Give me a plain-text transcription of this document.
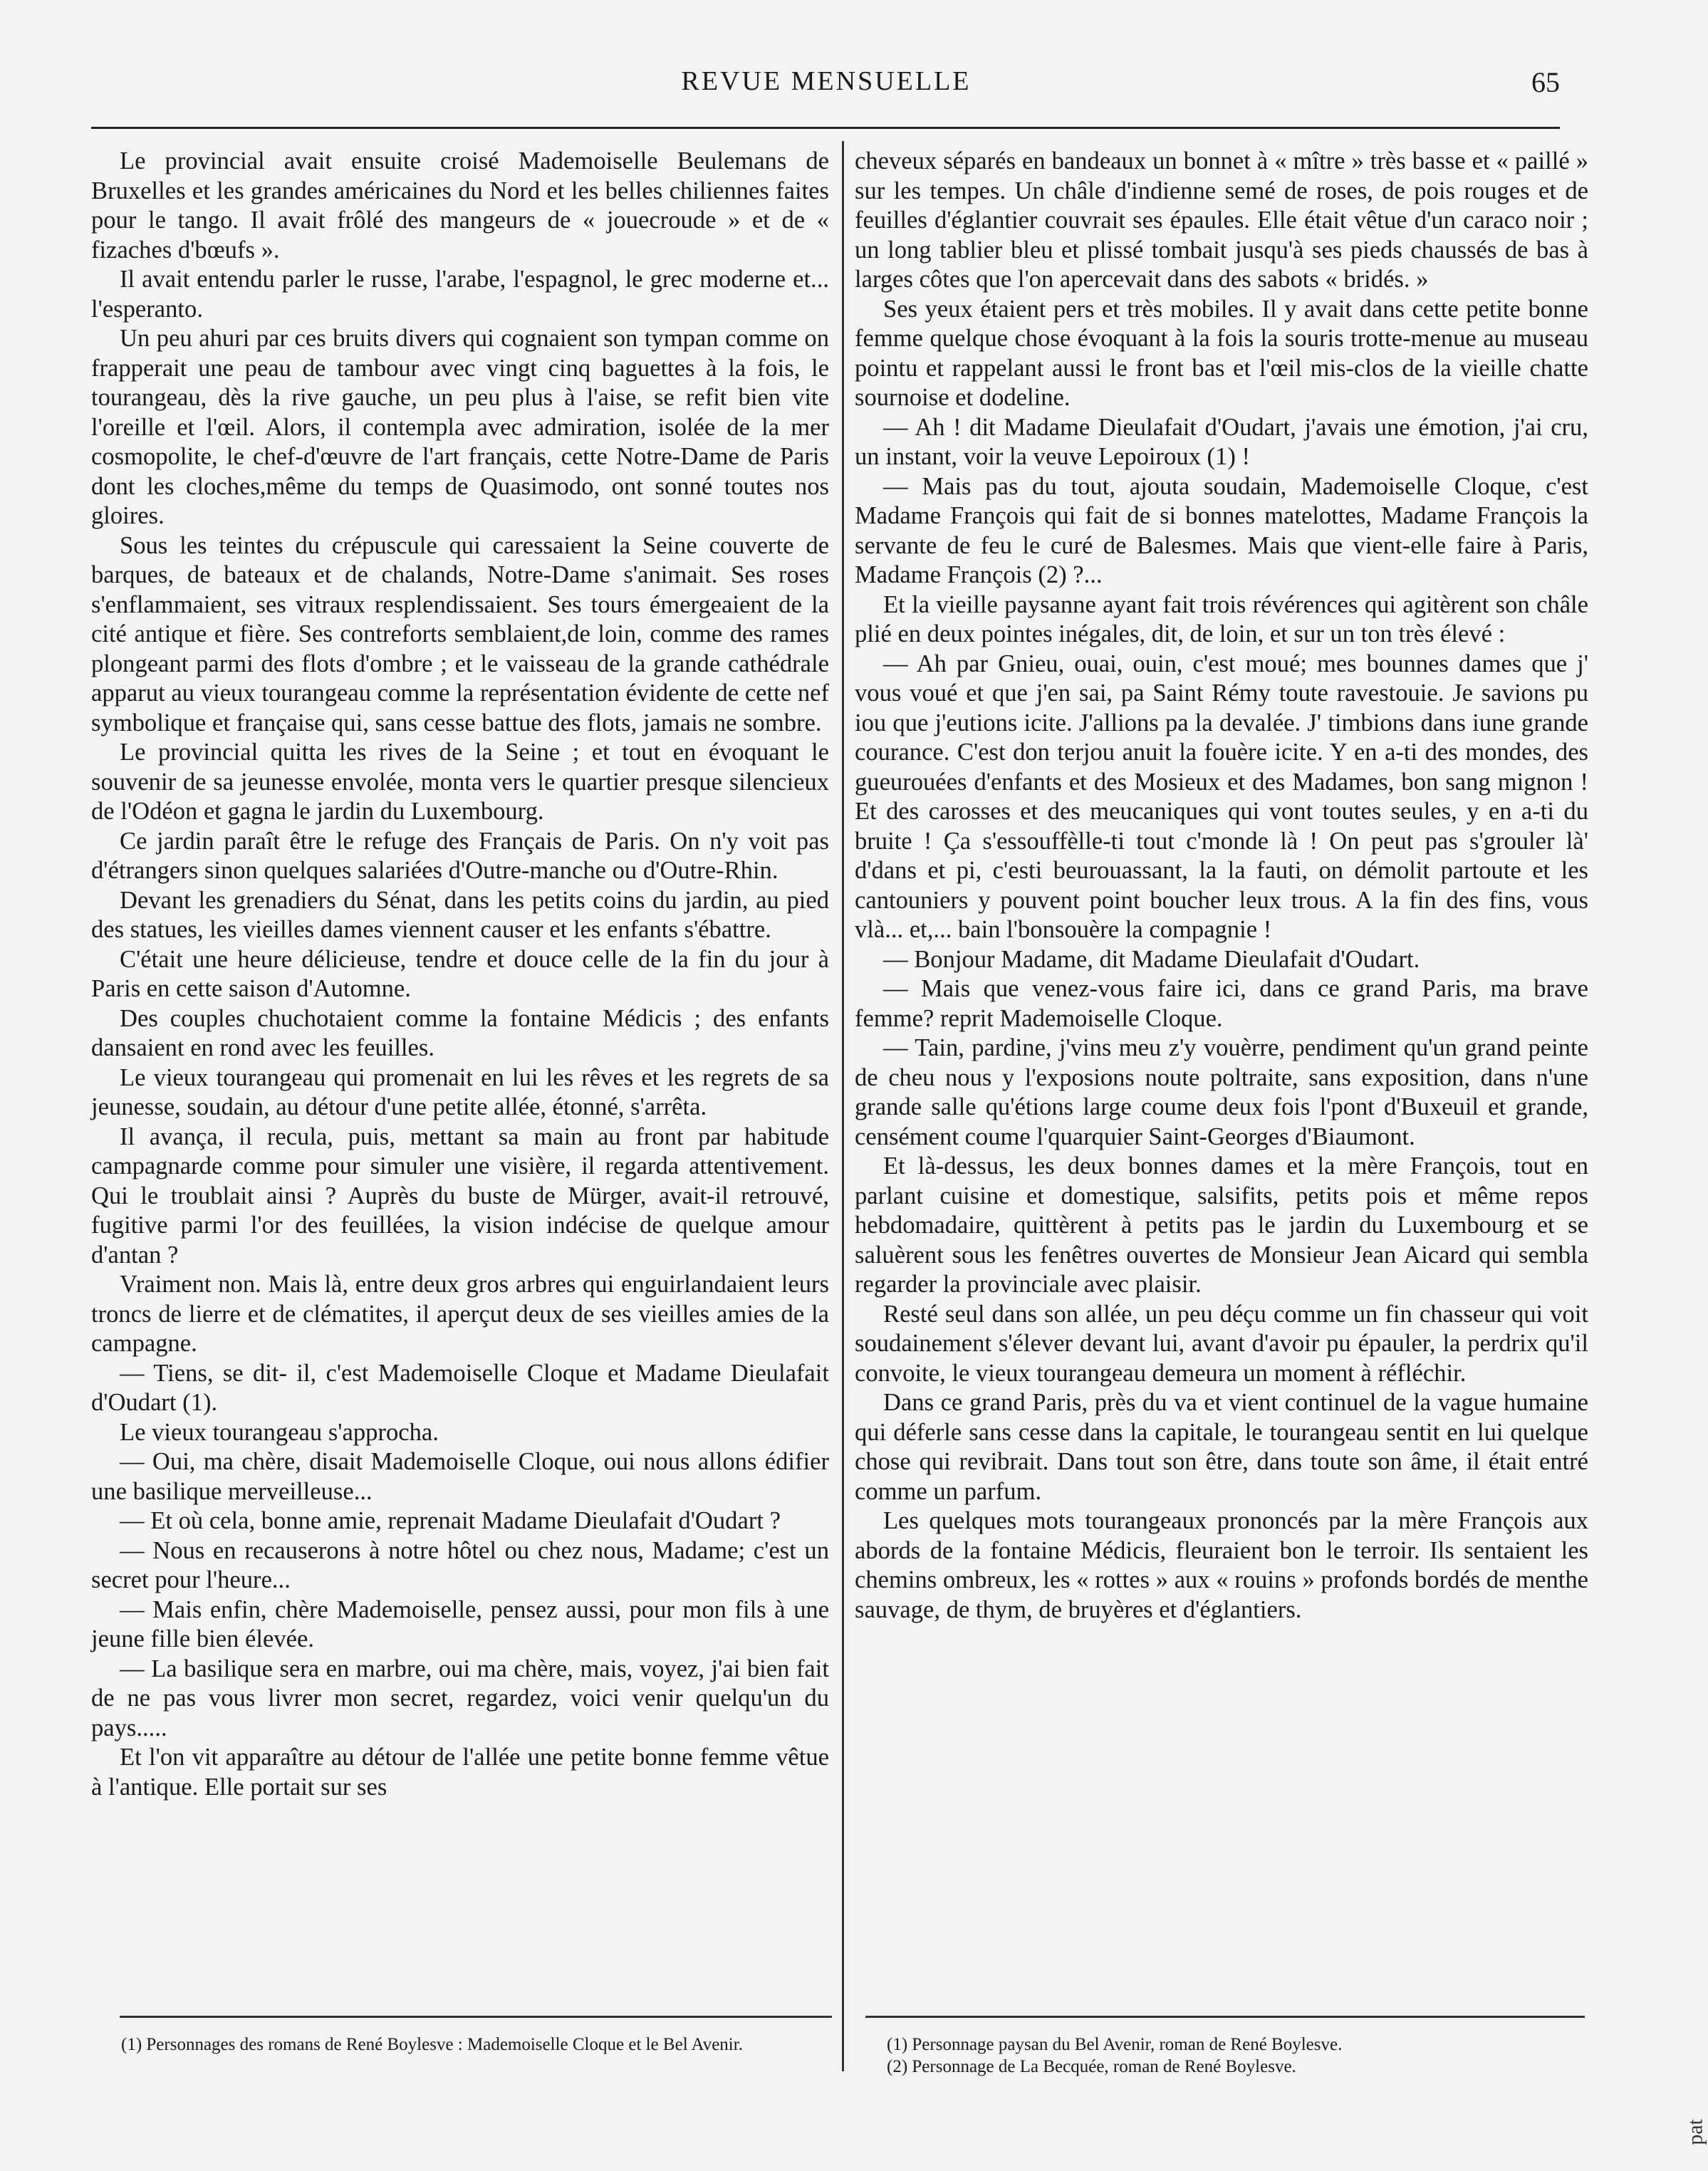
REVUE MENSUELLE	65

Le provincial avait ensuite croisé Mademoiselle Beulemans de Bruxelles et les grandes américaines du Nord et les belles chiliennes faites pour le tango. Il avait frôlé des mangeurs de « jouecroude » et de « fizaches d'bœufs ».

Il avait entendu parler le russe, l'arabe, l'espagnol, le grec moderne et... l'esperanto.

Un peu ahuri par ces bruits divers qui cognaient son tympan comme on frapperait une peau de tambour avec vingt cinq baguettes à la fois, le tourangeau, dès la rive gauche, un peu plus à l'aise, se refit bien vite l'oreille et l'œil. Alors, il contempla avec admiration, isolée de la mer cosmopolite, le chef-d'œuvre de l'art français, cette Notre-Dame de Paris dont les cloches,même du temps de Quasimodo, ont sonné toutes nos gloires.

Sous les teintes du crépuscule qui caressaient la Seine couverte de barques, de bateaux et de chalands, Notre-Dame s'animait. Ses roses s'enflammaient, ses vitraux resplendissaient. Ses tours émergeaient de la cité antique et fière. Ses contreforts semblaient,de loin, comme des rames plongeant parmi des flots d'ombre ; et le vaisseau de la grande cathédrale apparut au vieux tourangeau comme la représentation évidente de cette nef symbolique et française qui, sans cesse battue des flots, jamais ne sombre.

Le provincial quitta les rives de la Seine ; et tout en évoquant le souvenir de sa jeunesse envolée, monta vers le quartier presque silencieux de l'Odéon et gagna le jardin du Luxembourg.

Ce jardin paraît être le refuge des Français de Paris. On n'y voit pas d'étrangers sinon quelques salariées d'Outre-manche ou d'Outre-Rhin.

Devant les grenadiers du Sénat, dans les petits coins du jardin, au pied des statues, les vieilles dames viennent causer et les enfants s'ébattre.

C'était une heure délicieuse, tendre et douce celle de la fin du jour à Paris en cette saison d'Automne.

Des couples chuchotaient comme la fontaine Médicis ; des enfants dansaient en rond avec les feuilles.

Le vieux tourangeau qui promenait en lui les rêves et les regrets de sa jeunesse, soudain, au détour d'une petite allée, étonné, s'arrêta.

Il avança, il recula, puis, mettant sa main au front par habitude campagnarde comme pour simuler une visière, il regarda attentivement. Qui le troublait ainsi ? Auprès du buste de Mürger, avait-il retrouvé, fugitive parmi l'or des feuillées, la vision indécise de quelque amour d'antan ?

Vraiment non. Mais là, entre deux gros arbres qui enguirlandaient leurs troncs de lierre et de clématites, il aperçut deux de ses vieilles amies de la campagne.

— Tiens, se dit- il, c'est Mademoiselle Cloque et Madame Dieulafait d'Oudart (1).

Le vieux tourangeau s'approcha.

— Oui, ma chère, disait Mademoiselle Cloque, oui nous allons édifier une basilique merveilleuse...

— Et où cela, bonne amie, reprenait Madame Dieulafait d'Oudart ?

— Nous en recauserons à notre hôtel ou chez nous, Madame; c'est un secret pour l'heure...

— Mais enfin, chère Mademoiselle, pensez aussi, pour mon fils à une jeune fille bien élevée.

— La basilique sera en marbre, oui ma chère, mais, voyez, j'ai bien fait de ne pas vous livrer mon secret, regardez, voici venir quelqu'un du pays.....

Et l'on vit apparaître au détour de l'allée une petite bonne femme vêtue à l'antique. Elle portait sur ses

cheveux séparés en bandeaux un bonnet à « mître » très basse et « paillé » sur les tempes. Un châle d'indienne semé de roses, de pois rouges et de feuilles d'églantier couvrait ses épaules. Elle était vêtue d'un caraco noir ; un long tablier bleu et plissé tombait jusqu'à ses pieds chaussés de bas à larges côtes que l'on apercevait dans des sabots « bridés. »

Ses yeux étaient pers et très mobiles. Il y avait dans cette petite bonne femme quelque chose évoquant à la fois la souris trotte-menue au museau pointu et rappelant aussi le front bas et l'œil mis-clos de la vieille chatte sournoise et dodeline.

— Ah ! dit Madame Dieulafait d'Oudart, j'avais une émotion, j'ai cru, un instant, voir la veuve Lepoiroux (1) !

— Mais pas du tout, ajouta soudain, Mademoiselle Cloque, c'est Madame François qui fait de si bonnes matelottes, Madame François la servante de feu le curé de Balesmes. Mais que vient-elle faire à Paris, Madame François (2) ?...

Et la vieille paysanne ayant fait trois révérences qui agitèrent son châle plié en deux pointes inégales, dit, de loin, et sur un ton très élevé :

— Ah par Gnieu, ouai, ouin, c'est moué; mes bounnes dames que j' vous voué et que j'en sai, pa Saint Rémy toute ravestouie. Je savions pu iou que j'eutions icite. J'allions pa la devalée. J' timbions dans iune grande courance. C'est don terjou anuit la fouère icite. Y en a-ti des mondes, des gueurouées d'enfants et des Mosieux et des Madames, bon sang mignon ! Et des carosses et des meucaniques qui vont toutes seules, y en a-ti du bruite ! Ça s'essouffèlle-ti tout c'monde là ! On peut pas s'grouler là' d'dans et pi, c'esti beurouassant, la la fauti, on démolit partoute et les cantouniers y pouvent point boucher leux trous. A la fin des fins, vous vlà... et,... bain l'bonsouère la compagnie !

— Bonjour Madame, dit Madame Dieulafait d'Oudart.

— Mais que venez-vous faire ici, dans ce grand Paris, ma brave femme? reprit Mademoiselle Cloque.

— Tain, pardine, j'vins meu z'y vouèrre, pendiment qu'un grand peinte de cheu nous y l'exposions noute poltraite, sans exposition, dans n'une grande salle qu'étions large coume deux fois l'pont d'Buxeuil et grande, censément coume l'quarquier Saint-Georges d'Biaumont.

Et là-dessus, les deux bonnes dames et la mère François, tout en parlant cuisine et domestique, salsifits, petits pois et même repos hebdomadaire, quittèrent à petits pas le jardin du Luxembourg et se saluèrent sous les fenêtres ouvertes de Monsieur Jean Aicard qui sembla regarder la provinciale avec plaisir.

Resté seul dans son allée, un peu déçu comme un fin chasseur qui voit soudainement s'élever devant lui, avant d'avoir pu épauler, la perdrix qu'il convoite, le vieux tourangeau demeura un moment à réfléchir.

Dans ce grand Paris, près du va et vient continuel de la vague humaine qui déferle sans cesse dans la capitale, le tourangeau sentit en lui quelque chose qui revibrait. Dans tout son être, dans toute son âme, il était entré comme un parfum.

Les quelques mots tourangeaux prononcés par la mère François aux abords de la fontaine Médicis, fleuraient bon le terroir. Ils sentaient les chemins ombreux, les « rottes » aux « rouins » profonds bordés de menthe sauvage, de thym, de bruyères et d'églantiers.

(1) Personnages des romans de René Boylesve : Mademoiselle Cloque et le Bel Avenir.	(1) Personnage paysan du Bel Avenir, roman de René Boylesve.

(2) Personnage de La Becquée, roman de René Boylesve.

pat
